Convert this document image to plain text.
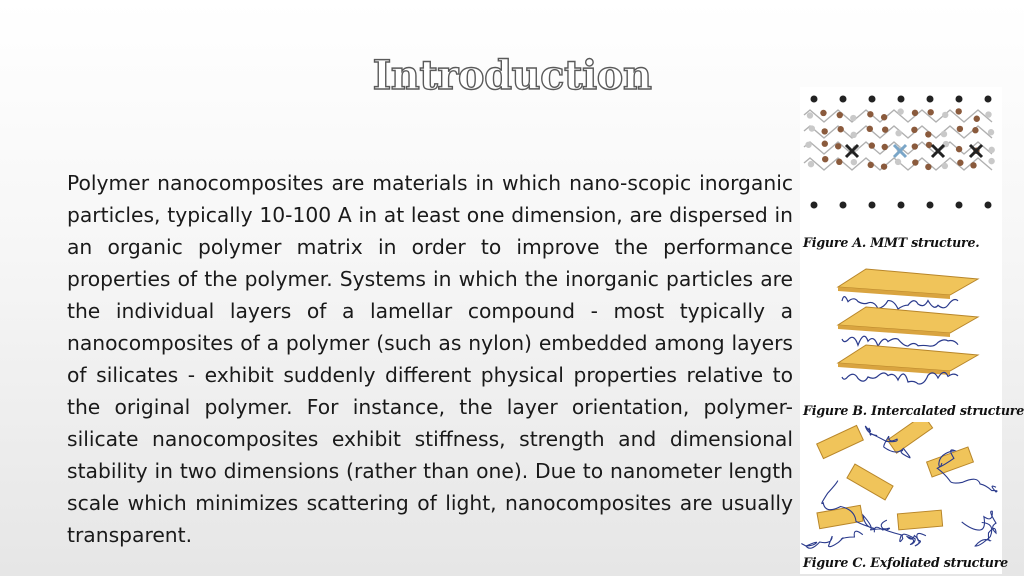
Introduction

Polymer nanocomposites are materials in which nano-scopic inorganic particles, typically 10-100 A in at least one dimension, are dispersed in an organic polymer matrix in order to improve the performance properties of the polymer. Systems in which the inorganic particles are the individual layers of a lamellar compound - most typically a nanocomposites of a polymer (such as nylon) embedded among layers of silicates - exhibit suddenly different physical properties relative to the original polymer. For instance, the layer orientation, polymer-silicate nanocomposites exhibit stiffness, strength and dimensional stability in two dimensions (rather than one). Due to nanometer length scale which minimizes scattering of light, nanocomposites are usually transparent.

Figure A. MMT structure.
Figure B. Intercalated structure
Figure C. Exfoliated structure
